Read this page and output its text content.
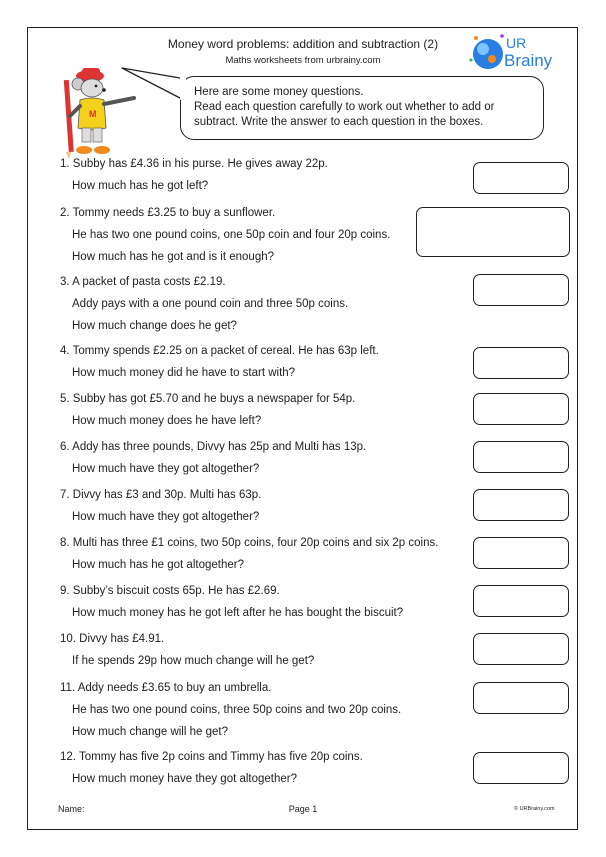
Money word problems: addition and subtraction (2)
Maths worksheets from urbrainy.com
UR
Brainy
M
Here are some money questions.
Read each question carefully to work out whether to add or
subtract. Write the answer to each question in the boxes.
1. Subby has £4.36 in his purse. He gives away 22p.
How much has he got left?
2. Tommy needs £3.25 to buy a sunflower.
He has two one pound coins, one 50p coin and four 20p coins.
How much has he got and is it enough?
3. A packet of pasta costs £2.19.
Addy pays with a one pound coin and three 50p coins.
How much change does he get?
4. Tommy spends £2.25 on a packet of cereal. He has 63p left.
How much money did he have to start with?
5. Subby has got £5.70 and he buys a newspaper for 54p.
How much money does he have left?
6. Addy has three pounds, Divvy has 25p and Multi has 13p.
How much have they got altogether?
7. Divvy has £3 and 30p. Multi has 63p.
How much have they got altogether?
8. Multi has three £1 coins, two 50p coins, four 20p coins and six 2p coins.
How much has he got altogether?
9. Subby’s biscuit costs 65p. He has £2.69.
How much money has he got left after he has bought the biscuit?
10. Divvy has £4.91.
If he spends 29p how much change will he get?
11. Addy needs £3.65 to buy an umbrella.
He has two one pound coins, three 50p coins and two 20p coins.
How much change will he get?
12. Tommy has five 2p coins and Timmy has five 20p coins.
How much money have they got altogether?
Name:	Page 1	© URBrainy.com
